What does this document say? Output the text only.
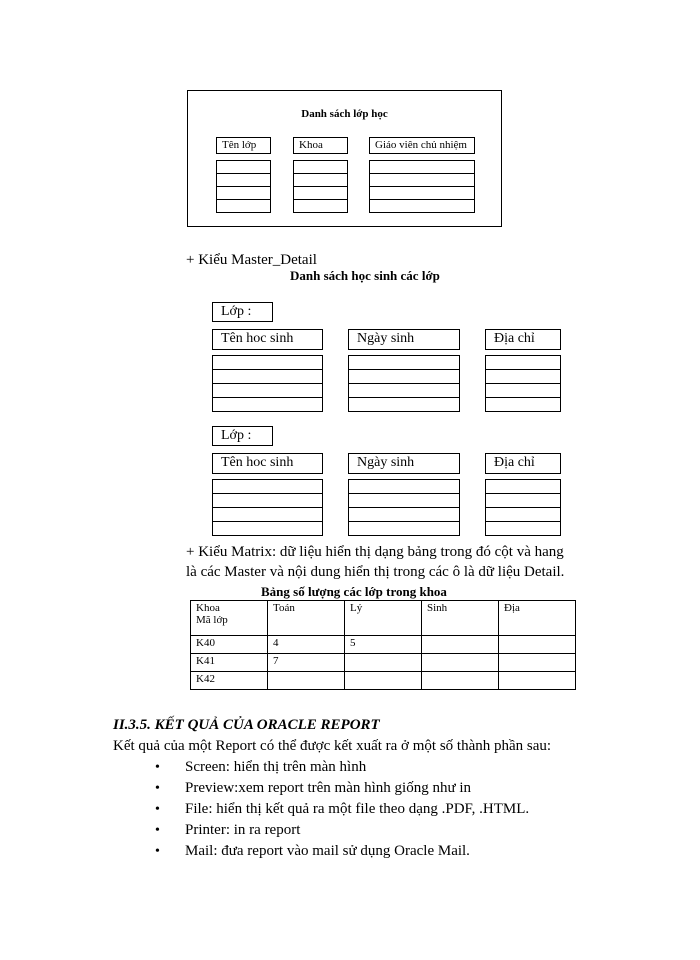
Danh sách lớp học
Tên lớp	Khoa	Giáo viên chủ nhiệm
+ Kiểu Master_Detail
Danh sách học sinh các lớp
Lớp :
Tên hoc sinh	Ngày sinh	Địa chỉ
Lớp :
Tên hoc sinh	Ngày sinh	Địa chỉ
+ Kiểu Matrix: dữ liệu hiển thị dạng bảng trong đó cột và hang
là các Master và nội dung hiển thị trong các ô là dữ liệu Detail.
Bảng số lượng các lớp trong khoa
Khoa
Mã lớp	Toán	Lý	Sinh	Địa
K40	4	5		
K41	7			
K42				
II.3.5. KẾT QUẢ CỦA ORACLE REPORT
Kết quả của một Report có thể được kết xuất ra ở một số thành phần sau:
• Screen: hiển thị trên màn hình
• Preview:xem report trên màn hình giống như in
• File: hiển thị kết quả ra một file theo dạng .PDF, .HTML.
• Printer: in ra report
• Mail: đưa report vào mail sử dụng Oracle Mail.
